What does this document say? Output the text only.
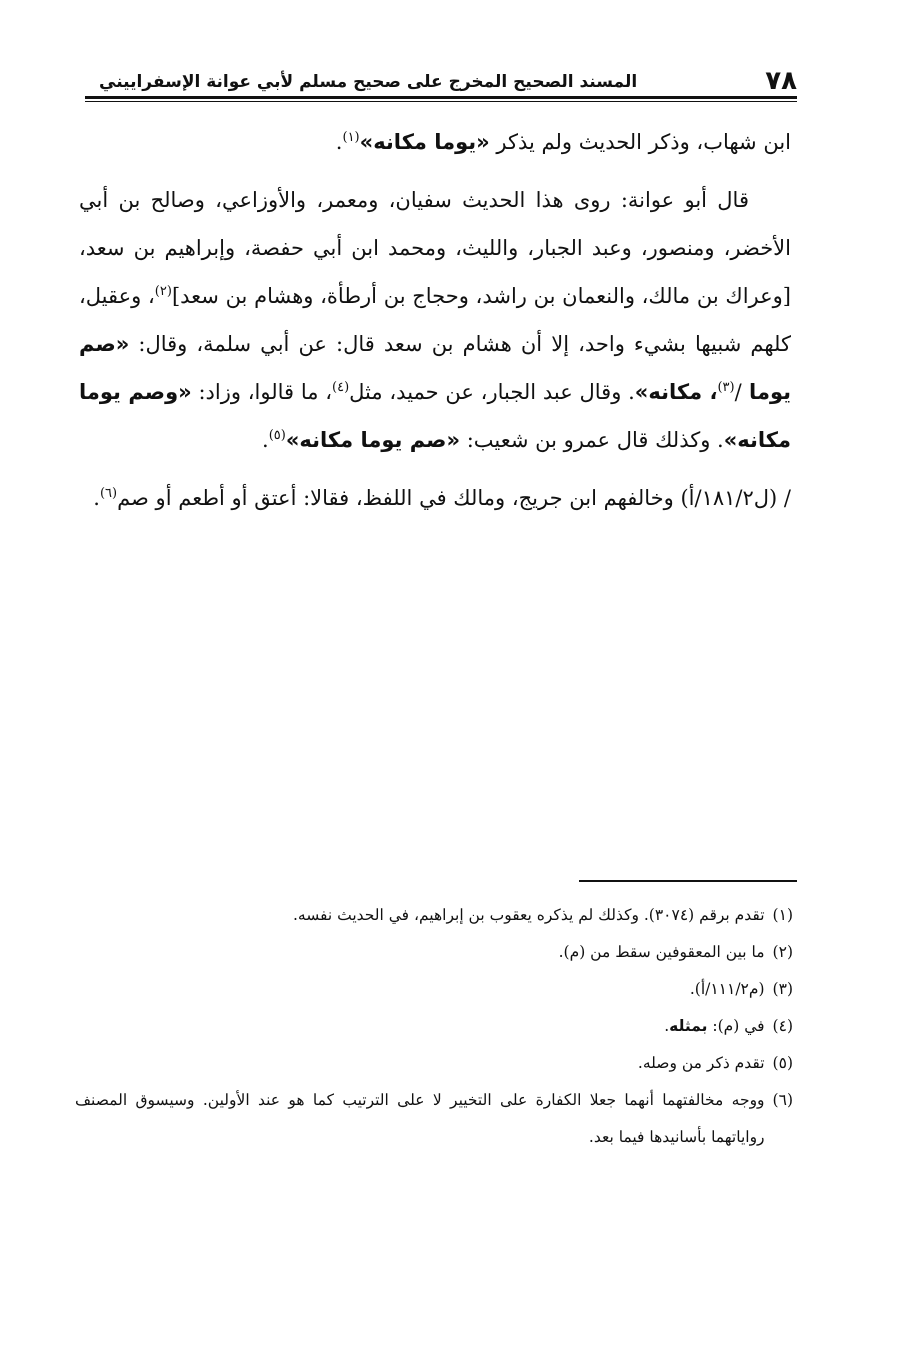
٧٨
المسند الصحيح المخرج على صحيح مسلم لأبي عوانة الإسفراييني

ابن شهاب، وذكر الحديث ولم يذكر «يوما مكانه»$^{(١)}$.

قال أبو عوانة: روى هذا الحديث سفيان، ومعمر، والأوزاعي، وصالح بن أبي الأخضر، ومنصور، وعبد الجبار، والليث، ومحمد ابن أبي حفصة، وإبراهيم بن سعد، [وعراك بن مالك، والنعمان بن راشد، وحجاج بن أرطأة، وهشام بن سعد]$^{(٢)}$، وعقيل، كلهم شبيها بشيء واحد، إلا أن هشام بن سعد قال: عن أبي سلمة، وقال: «صم يوما /$^{(٣)}$، مكانه». وقال عبد الجبار، عن حميد، مثل$^{(٤)}$، ما قالوا، وزاد: «وصم يوما مكانه». وكذلك قال عمرو بن شعيب: «صم يوما مكانه»$^{(٥)}$.

/ (ل١٨١/٢/أ) وخالفهم ابن جريج، ومالك في اللفظ، فقالا: أعتق أو أطعم أو صم$^{(٦)}$.

(١)
تقدم برقم (٣٠٧٤). وكذلك لم يذكره يعقوب بن إبراهيم، في الحديث نفسه.
(٢)
ما بين المعقوفين سقط من (م).
(٣)
(م١١١/٢/أ).
(٤)
في (م): بمثله.
(٥)
تقدم ذكر من وصله.
(٦)
ووجه مخالفتهما أنهما جعلا الكفارة على التخيير لا على الترتيب كما هو عند الأولين. وسيسوق المصنف رواياتهما بأسانيدها فيما بعد.
